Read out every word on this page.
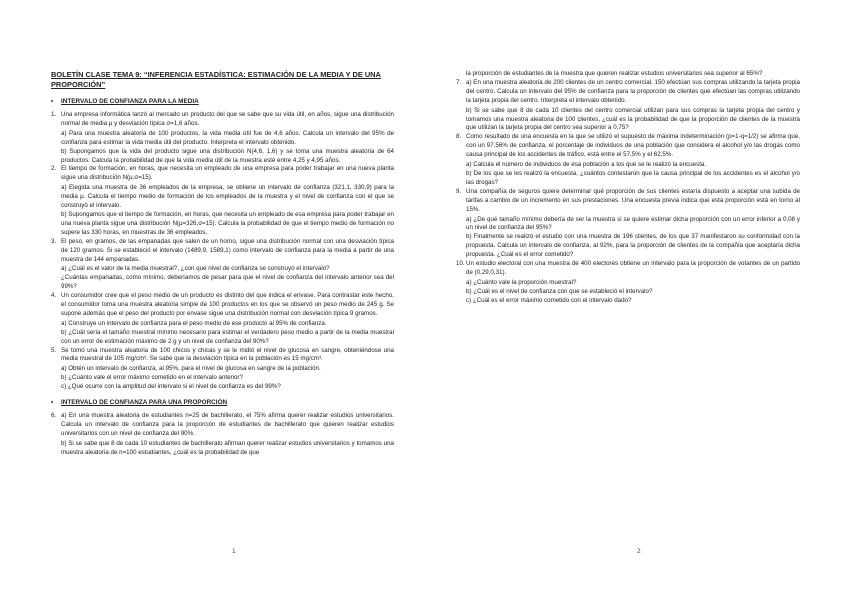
BOLETÍN CLASE TEMA 9: “INFERENCIA ESTADÍSTICA: ESTIMACIÓN DE LA MEDIA Y DE UNA PROPORCIÓN”

• INTERVALO DE CONFIANZA PARA LA MEDIA

1. Una empresa informática lanzó al mercado un producto del que se sabe que su vida útil, en años, sigue una distribución normal de media μ y desviación típica σ=1,6 años.

a) Para una muestra aleatoria de 100 productos, la vida media útil fue de 4,6 años. Calcula un intervalo del 95% de confianza para estimar la vida media útil del producto. Interpreta el intervalo obtenido.

b) Supongamos que la vida del producto sigue una distribución N(4,6, 1,6) y se toma una muestra aleatoria de 64 productos. Calcula la probabilidad de que la vida media útil de la muestra esté entre 4,25 y 4,95 años.

2. El tiempo de formación, en horas, que necesita un empleado de una empresa para poder trabajar en una nueva planta sigue una distribución N(μ,σ=15).

a) Elegida una muestra de 36 empleados de la empresa, se obtiene un intervalo de confianza (321,1, 330,9) para la media μ. Calcula el tiempo medio de formación de los empleados de la muestra y el nivel de confianza con el que se construyó el intervalo.

b) Supongamos que el tiempo de formación, en horas, que necesita un empleado de esa empresa para poder trabajar en una nueva planta sigue una distribución N(μ=326,σ=15). Calcula la probabilidad de que el tiempo medio de formación no supere las 330 horas, en muestras de 36 empleados.

3. El peso, en gramos, de las empanadas que salen de un horno, sigue una distribución normal con una desviación típica de 120 gramos. Si se estableció el intervalo (1489,9, 1589,1) como intervalo de confianza para la media a partir de una muestra de 144 empanadas.

a) ¿Cuál es el valor de la media muestral?, ¿con qué nivel de confianza se construyó el intervalo?

¿Cuántas empanadas, como mínimo, deberíamos de pesar para que el nivel de confianza del intervalo anterior sea del 99%?

4. Un consumidor cree que el peso medio de un producto es distinto del que indica el envase. Para contrastar este hecho, el consumidor toma una muestra aleatoria simple de 100 productos en los que se observó un peso medio de 245 g. Se supone además que el peso del producto por envase sigue una distribución normal con desviación típica 9 gramos.

a) Construye un intervalo de confianza para el peso medio de ese producto al 95% de confianza.

b) ¿Cuál sería el tamaño muestral mínimo necesario para estimar el verdadero peso medio a partir de la media muestral con un error de estimación máximo de 2 g y un nivel de confianza del 90%?

5. Se tomó una muestra aleatoria de 100 chicos y chicas y se le midió el nivel de glucosa en sangre, obteniéndose una media muestral de 105 mg/cm³. Se sabe que la desviación típica en la población es 15 mg/cm³.

a) Obtén un intervalo de confianza, al 95%, para el nivel de glucosa en sangre de la población.

b) ¿Cuánto vale el error máximo cometido en el intervalo anterior?

c) ¿Qué ocurre con la amplitud del intervalo si el nivel de confianza es del 99%?

• INTERVALO DE CONFIANZA PARA UNA PROPORCIÓN

6. a) En una muestra aleatoria de estudiantes n=25 de bachillerato, el 75% afirma querer realizar estudios universitarios. Calcula un intervalo de confianza para la proporción de estudiantes de bachillerato que quieren realizar estudios universitarios con un nivel de confianza del 90%.

b) Si se sabe que 8 de cada 10 estudiantes de bachillerato afirman querer realizar estudios universitarios y tomamos una muestra aleatoria de n=100 estudiantes, ¿cuál es la probabilidad de que

la proporción de estudiantes de la muestra que quieren realizar estudios universitarios sea superior al 65%?

7. a) En una muestra aleatoria de 200 clientes de un centro comercial, 150 efectúan sus compras utilizando la tarjeta propia del centro. Calcula un intervalo del 95% de confianza para la proporción de clientes que efectúan las compras utilizando la tarjeta propia del centro. Interpreta el intervalo obtenido.

b) Si se sabe que 8 de cada 10 clientes del centro comercial utilizan para sus compras la tarjeta propia del centro y tomamos una muestra aleatoria de 100 clientes, ¿cuál es la probabilidad de que la proporción de clientes de la muestra que utilizan la tarjeta propia del centro sea superior a 0,75?

8. Como resultado de una encuesta en la que se utilizó el supuesto de máxima indeterminación (p=1-q=1/2) se afirma que, con un 97,56% de confianza, el porcentaje de individuos de una población que considera el alcohol y/o las drogas como causa principal de los accidentes de tráfico, está entre el 57,5% y el 62,5%.

a) Calcula el número de individuos de esa población a los que se le realizó la encuesta.

b) De los que se les realizó la encuesta, ¿cuántos contestaron que la causa principal de los accidentes es el alcohol y/o las drogas?

9. Una compañía de seguros quiere determinar qué proporción de sus clientes estaría dispuesto a aceptar una subida de tarifas a cambio de un incremento en sus prestaciones. Una encuesta previa indica que esta proporción está en torno al 15%.

a) ¿De qué tamaño mínimo debería de ser la muestra si se quiere estimar dicha proporción con un error inferior a 0.08 y un nivel de confianza del 95%?

b) Finalmente se realizó el estudio con una muestra de 196 clientes, de los que 37 manifestaron su conformidad con la propuesta. Calcula un intervalo de confianza, al 92%, para la proporción de clientes de la compañía que aceptaría dicha propuesta. ¿Cuál es el error cometido?

10. Un estudio electoral con una muestra de 400 electores obtiene un intervalo para la proporción de votantes de un partido de (0,29,0,31).

a) ¿Cuánto vale la proporción muestral?

b) ¿Cuál es el nivel de confianza con que se estableció el intervalo?

c) ¿Cuál es el error máximo cometido con el intervalo dado?

1	2
